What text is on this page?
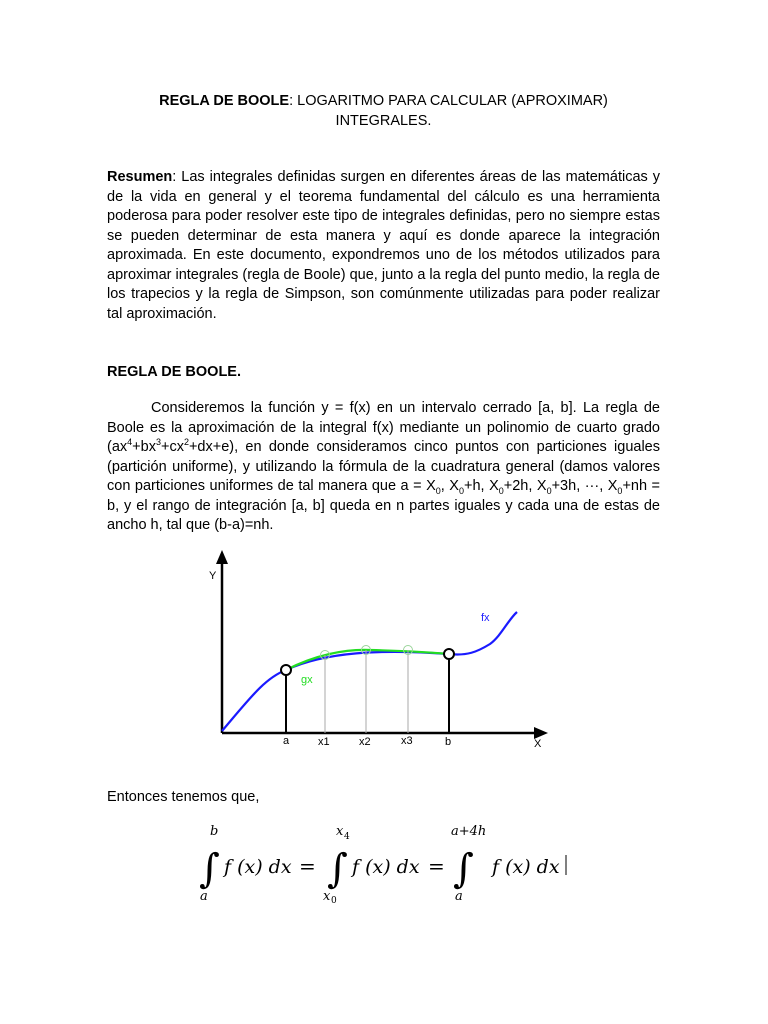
REGLA DE BOOLE: LOGARITMO PARA CALCULAR (APROXIMAR)
INTEGRALES.
Resumen: Las integrales definidas surgen en diferentes áreas de las matemáticas y de la vida en general y el teorema fundamental del cálculo es una herramienta poderosa para poder resolver este tipo de integrales definidas, pero no siempre estas se pueden determinar de esta manera y aquí es donde aparece la integración aproximada. En este documento, expondremos uno de los métodos utilizados para aproximar integrales (regla de Boole) que, junto a la regla del punto medio, la regla de los trapecios y la regla de Simpson, son comúnmente utilizadas para poder realizar tal aproximación.
REGLA DE BOOLE.
Consideremos la función y = f(x) en un intervalo cerrado [a, b]. La regla de Boole es la aproximación de la integral f(x) mediante un polinomio de cuarto grado $(ax^4+bx^3+cx^2+dx+e)$, en donde consideramos cinco puntos con particiones iguales (partición uniforme), y utilizando la fórmula de la cuadratura general (damos valores con particiones uniformes de tal manera que $a = X_0$, $X_0+h$, $X_0+2h$, $X_0+3h$, ···, $X_0+nh = b$, y el rango de integración [a, b] queda en n partes iguales y cada una de estas de ancho h, tal que (b-a)=nh.
Y
X
fx
gx
a	x1	x2	x3	b
Entonces tenemos que,
b
∫
a
f (x) dx =
x 4
∫
x 0
f (x) dx =
a+4h
∫
a
f (x) dx
